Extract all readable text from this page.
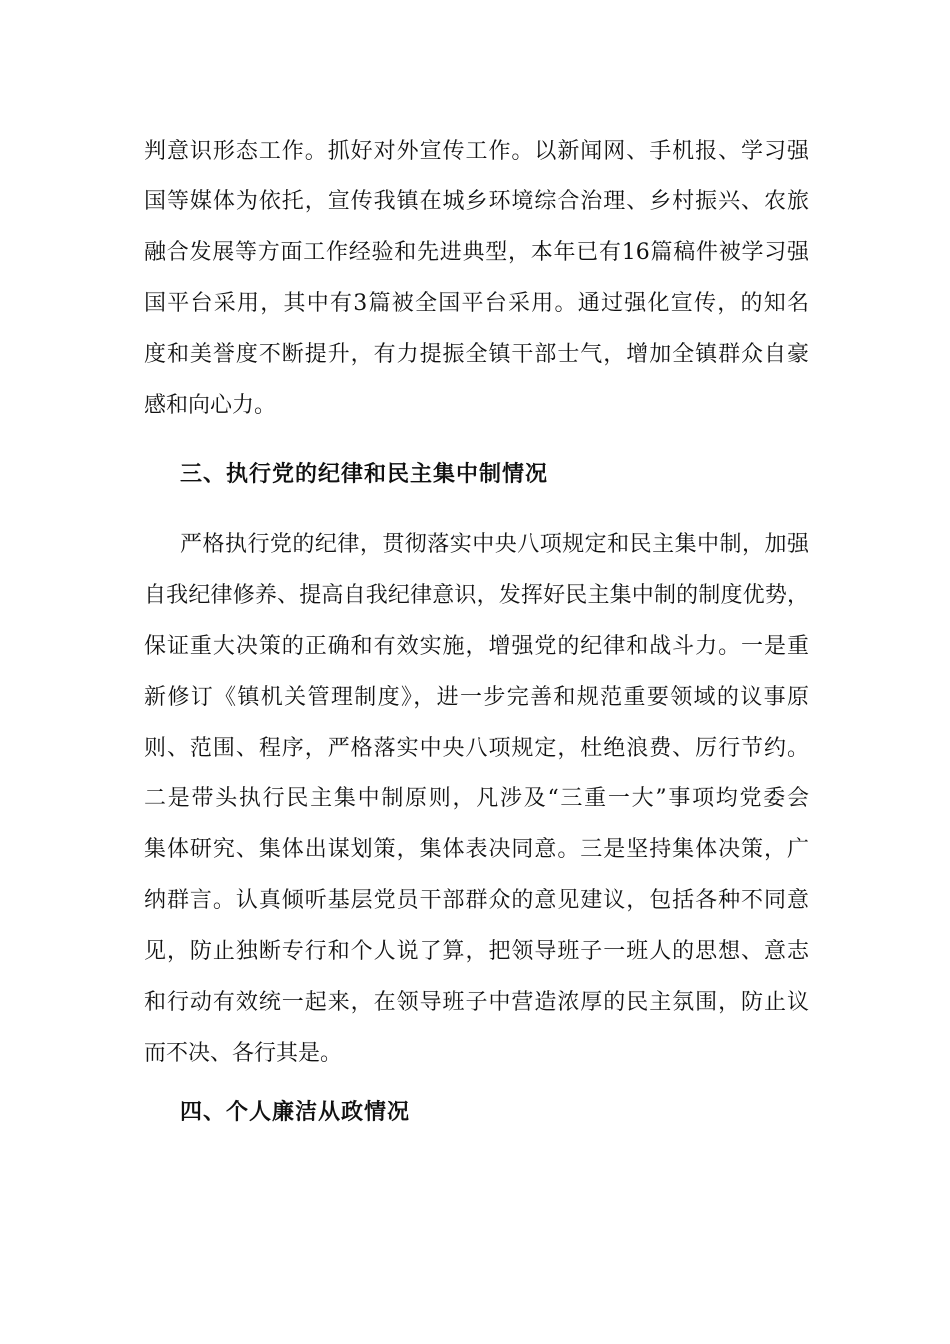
判意识形态工作。抓好对外宣传工作。以新闻网、手机报、学习强
国等媒体为依托，宣传我镇在城乡环境综合治理、乡村振兴、农旅
融合发展等方面工作经验和先进典型，本年已有16篇稿件被学习强
国平台采用，其中有3篇被全国平台采用。通过强化宣传，的知名
度和美誉度不断提升，有力提振全镇干部士气，增加全镇群众自豪
感和向心力。
三、执行党的纪律和民主集中制情况
严格执行党的纪律，贯彻落实中央八项规定和民主集中制，加强
自我纪律修养、提高自我纪律意识，发挥好民主集中制的制度优势，
保证重大决策的正确和有效实施，增强党的纪律和战斗力。一是重
新修订《镇机关管理制度》，进一步完善和规范重要领域的议事原
则、范围、程序，严格落实中央八项规定，杜绝浪费、厉行节约。
二是带头执行民主集中制原则，凡涉及“三重一大”事项均党委会
集体研究、集体出谋划策，集体表决同意。三是坚持集体决策，广
纳群言。认真倾听基层党员干部群众的意见建议，包括各种不同意
见，防止独断专行和个人说了算，把领导班子一班人的思想、意志
和行动有效统一起来，在领导班子中营造浓厚的民主氛围，防止议
而不决、各行其是。
四、个人廉洁从政情况
